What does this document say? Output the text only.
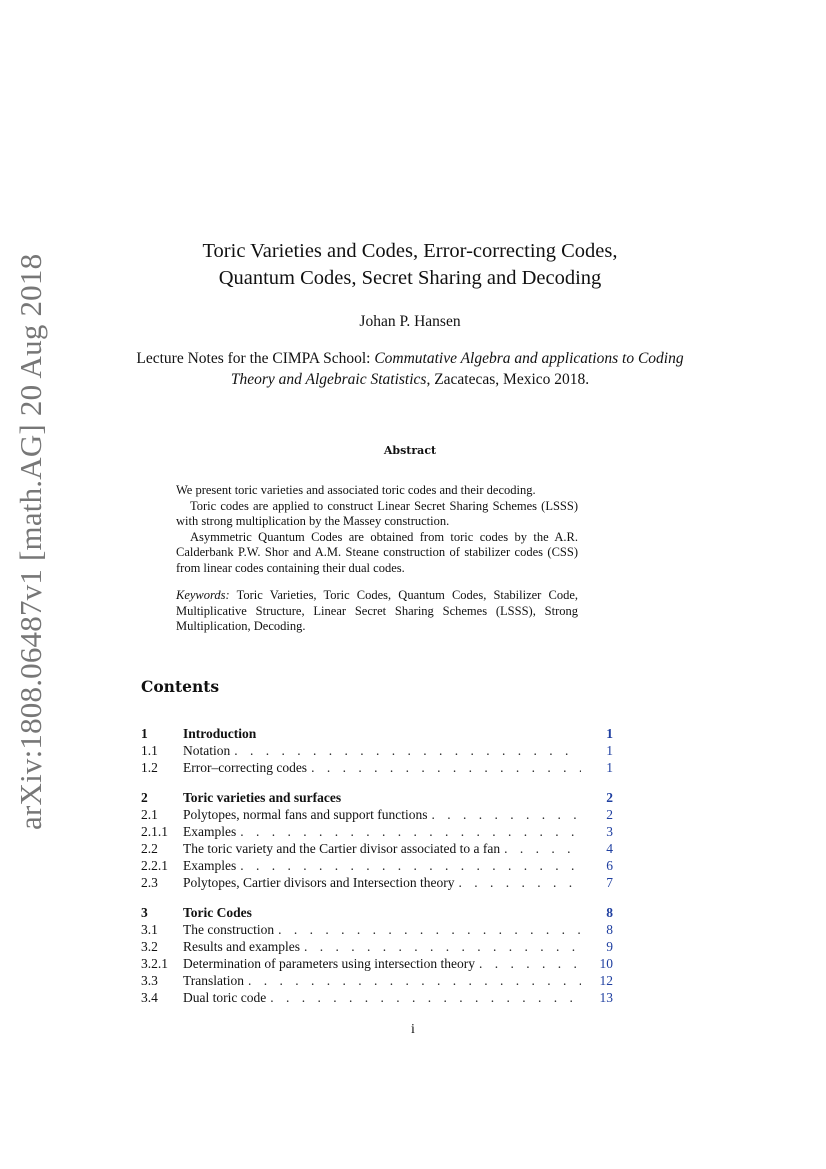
arXiv:1808.06487v1 [math.AG] 20 Aug 2018
Toric Varieties and Codes, Error-correcting Codes,
Quantum Codes, Secret Sharing and Decoding
Johan P. Hansen
Lecture Notes for the CIMPA School: Commutative Algebra and applications to Coding Theory and Algebraic Statistics, Zacatecas, Mexico 2018.
Abstract

We present toric varieties and associated toric codes and their decoding.

Toric codes are applied to construct Linear Secret Sharing Schemes (LSSS) with strong multiplication by the Massey construction.

Asymmetric Quantum Codes are obtained from toric codes by the A.R. Calderbank P.W. Shor and A.M. Steane construction of stabilizer codes (CSS) from linear codes containing their dual codes.

Keywords: Toric Varieties, Toric Codes, Quantum Codes, Stabilizer Code, Multiplicative Structure, Linear Secret Sharing Schemes (LSSS), Strong Multiplication, Decoding.

Contents
1	Introduction	1
1.1	Notation . . .	1
1.2	Error–correcting codes . . .	1
2	Toric varieties and surfaces	2
2.1	Polytopes, normal fans and support functions . . .	2
2.1.1	Examples . . .	3
2.2	The toric variety and the Cartier divisor associated to a fan . . .	4
2.2.1	Examples . . .	6
2.3	Polytopes, Cartier divisors and Intersection theory . . .	7
3	Toric Codes	8
3.1	The construction . . .	8
3.2	Results and examples . . .	9
3.2.1	Determination of parameters using intersection theory . . .	10
3.3	Translation . . .	12
3.4	Dual toric code . . .	13
i
